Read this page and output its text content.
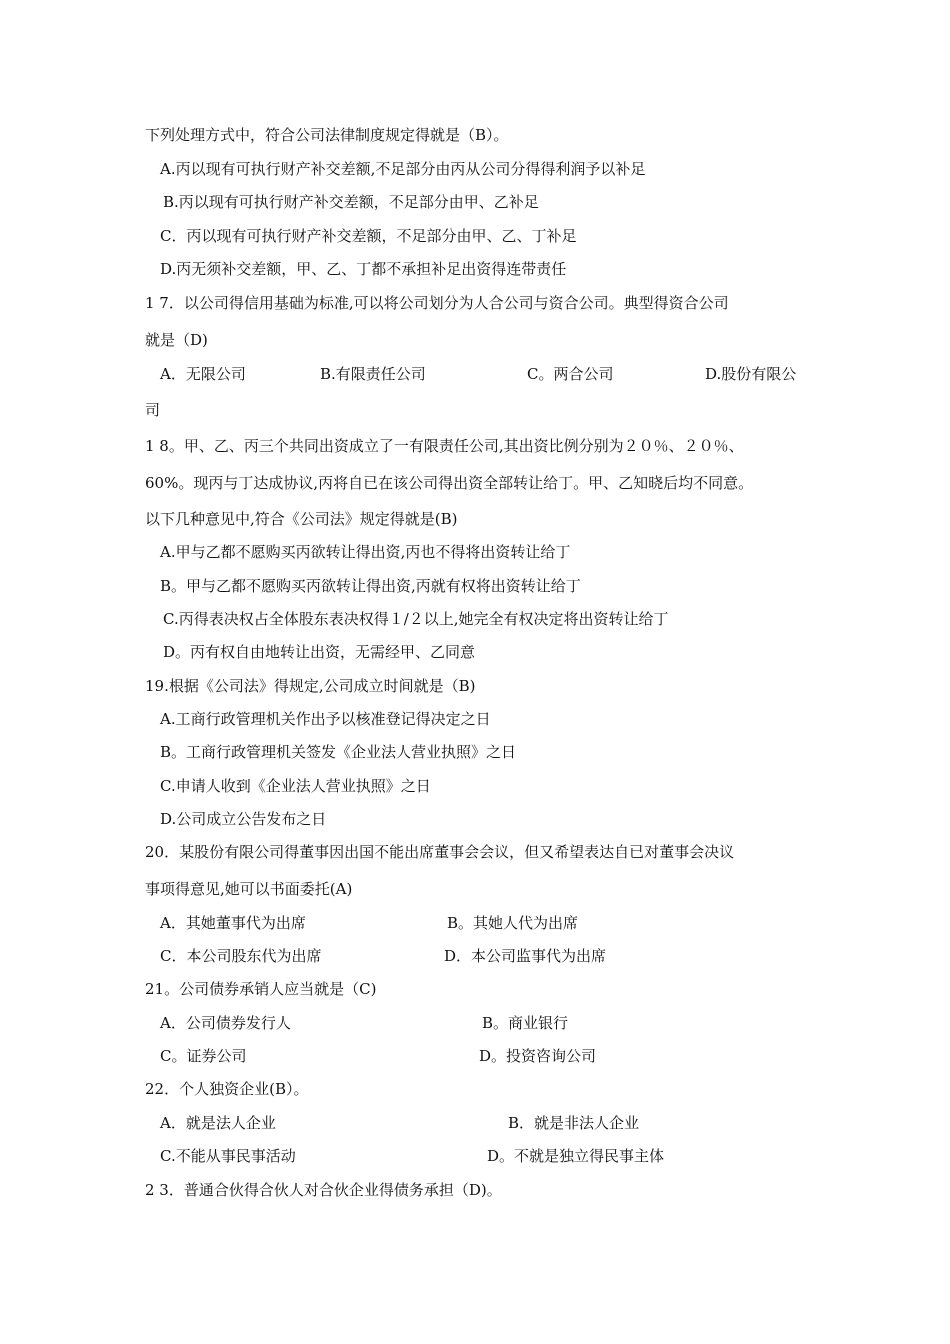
下列处理方式中，符合公司法律制度规定得就是（B）。
A.丙以现有可执行财产补交差额,不足部分由丙从公司分得得利润予以补足
B.丙以现有可执行财产补交差额，不足部分由甲、乙补足
C．丙以现有可执行财产补交差额，不足部分由甲、乙、丁补足
D.丙无须补交差额，甲、乙、丁都不承担补足出资得连带责任
1 7．以公司得信用基础为标准,可以将公司划分为人合公司与资合公司。典型得资合公司
就是（D)
A．无限公司	B.有限责任公司	C。两合公司	D.股份有限公
司
1 8。甲、乙、丙三个共同出资成立了一有限责任公司,其出资比例分别为２０％、２０％、
60%。现丙与丁达成协议,丙将自已在该公司得出资全部转让给丁。甲、乙知晓后均不同意。
以下几种意见中,符合《公司法》规定得就是(B)
A.甲与乙都不愿购买丙欲转让得出资,丙也不得将出资转让给丁
B。甲与乙都不愿购买丙欲转让得出资,丙就有权将出资转让给丁
C.丙得表决权占全体股东表决权得１/２以上,她完全有权决定将出资转让给丁
D。丙有权自由地转让出资，无需经甲、乙同意
19.根据《公司法》得规定,公司成立时间就是（B)
A.工商行政管理机关作出予以核准登记得决定之日
B。工商行政管理机关签发《企业法人营业执照》之日
C.申请人收到《企业法人营业执照》之日
D.公司成立公告发布之日
20．某股份有限公司得董事因出国不能出席董事会会议，但又希望表达自已对董事会决议
事项得意见,她可以书面委托(A)
A．其她董事代为出席	B。其她人代为出席
C．本公司股东代为出席	D．本公司监事代为出席
21。公司债券承销人应当就是（C)
A．公司债券发行人	B。商业银行
C。证券公司	D。投资咨询公司
22．个人独资企业(B）。
A．就是法人企业	B．就是非法人企业
C.不能从事民事活动	D。不就是独立得民事主体
2 3．普通合伙得合伙人对合伙企业得债务承担（D)。
